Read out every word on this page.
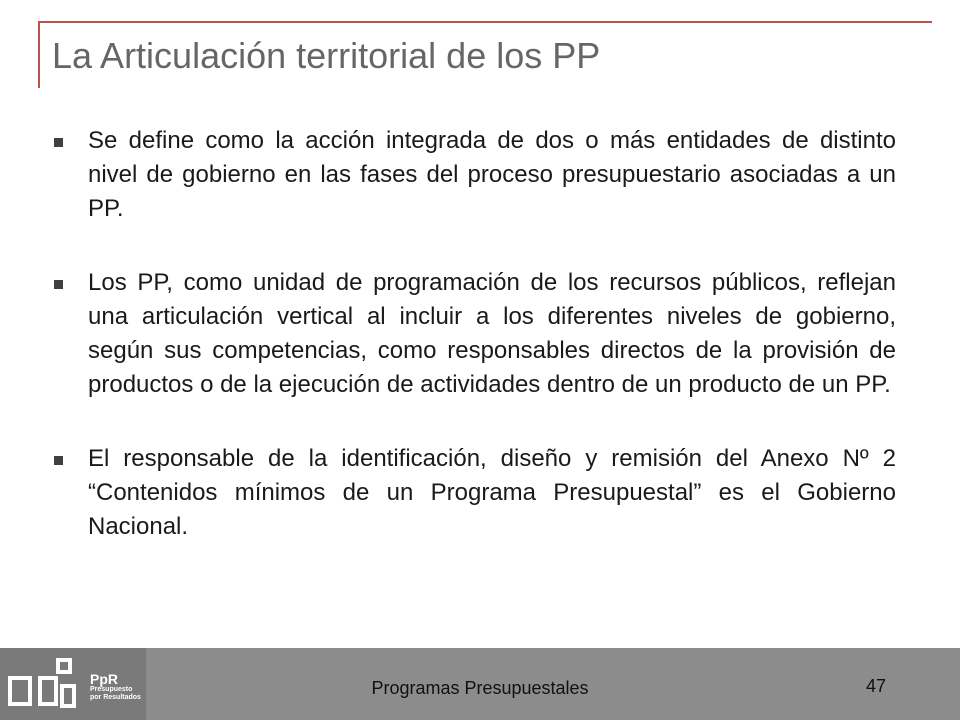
La Articulación territorial de los PP
Se define como la acción integrada de dos o más entidades de distinto nivel de gobierno en las fases del proceso presupuestario asociadas a un PP.
Los PP, como unidad de programación de los recursos públicos, reflejan una articulación vertical al incluir a los diferentes niveles de gobierno, según sus competencias, como responsables directos de la provisión de productos o de la ejecución de actividades dentro de un producto de un PP.
El responsable de la identificación, diseño y remisión del Anexo Nº 2 “Contenidos mínimos de un Programa Presupuestal” es el Gobierno Nacional.
PpR
Presupuesto
por Resultados	Programas Presupuestales	47
